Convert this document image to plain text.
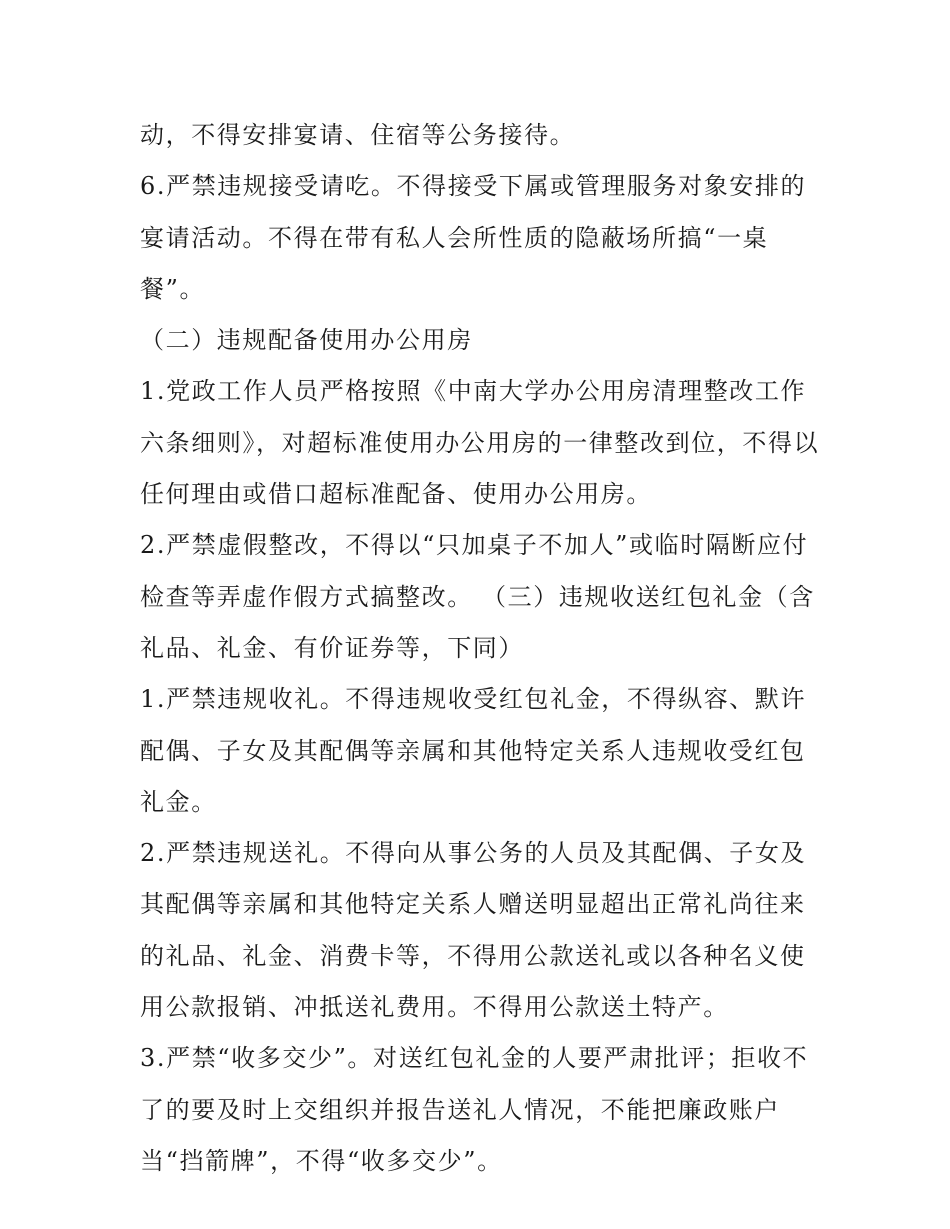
动，不得安排宴请、住宿等公务接待。

6.严禁违规接受请吃。不得接受下属或管理服务对象安排的宴请活动。不得在带有私人会所性质的隐蔽场所搞“一桌餐”。

（二）违规配备使用办公用房

1.党政工作人员严格按照《中南大学办公用房清理整改工作六条细则》，对超标准使用办公用房的一律整改到位，不得以任何理由或借口超标准配备、使用办公用房。

2.严禁虚假整改，不得以“只加桌子不加人”或临时隔断应付检查等弄虚作假方式搞整改。 （三）违规收送红包礼金（含礼品、礼金、有价证券等，下同）

1.严禁违规收礼。不得违规收受红包礼金，不得纵容、默许配偶、子女及其配偶等亲属和其他特定关系人违规收受红包礼金。

2.严禁违规送礼。不得向从事公务的人员及其配偶、子女及其配偶等亲属和其他特定关系人赠送明显超出正常礼尚往来的礼品、礼金、消费卡等，不得用公款送礼或以各种名义使用公款报销、冲抵送礼费用。不得用公款送土特产。

3.严禁“收多交少”。对送红包礼金的人要严肃批评；拒收不了的要及时上交组织并报告送礼人情况，不能把廉政账户当“挡箭牌”，不得“收多交少”。
